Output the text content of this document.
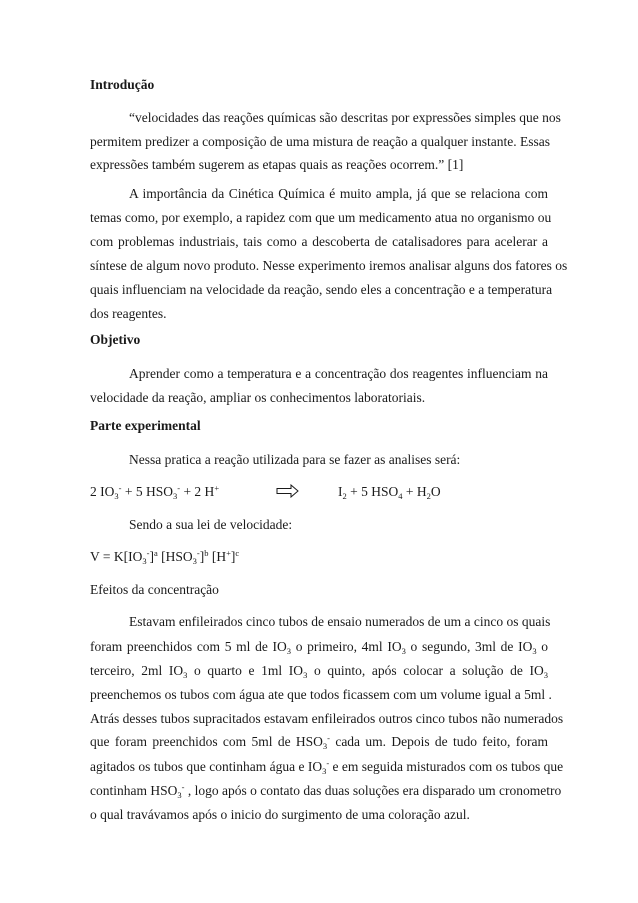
Introdução
“velocidades das reações químicas são descritas por expressões simples que nos
permitem predizer a composição de uma mistura de reação a qualquer instante. Essas
expressões também sugerem as etapas quais as reações ocorrem.” [1]
A importância da Cinética Química é muito ampla, já que se relaciona com
temas como, por exemplo, a rapidez com que um medicamento atua no organismo ou
com problemas industriais, tais como a descoberta de catalisadores para acelerar a
síntese de algum novo produto. Nesse experimento iremos analisar alguns dos fatores os
quais influenciam na velocidade da reação, sendo eles a concentração e a temperatura
dos reagentes.
Objetivo
Aprender como a temperatura e a concentração dos reagentes influenciam na
velocidade da reação, ampliar os conhecimentos laboratoriais.
Parte experimental
Nessa pratica a reação utilizada para se fazer as analises será:
2 $IO_3^- + 5$ $HSO_3^- + 2$ H+	$I_2 + 5$ $HSO_4 + H_2O$
Sendo a sua lei de velocidade:
$V = K[IO_3^-]^a$ $[HSO_3^-]^b$ $[H^+]^c$
Efeitos da concentração
Estavam enfileirados cinco tubos de ensaio numerados de um a cinco os quais
foram preenchidos com 5 ml de $IO_3$ o primeiro, 4ml $IO_3$ o segundo, 3ml de $IO_3$ o
terceiro, 2ml $IO_3$ o quarto e 1ml $IO_3$ o quinto, após colocar a solução de $IO_3$
preenchemos os tubos com água ate que todos ficassem com um volume igual a 5ml .
Atrás desses tubos supracitados estavam enfileirados outros cinco tubos não numerados
que foram preenchidos com 5ml de $HSO_3^-$ cada um. Depois de tudo feito, foram
agitados os tubos que continham água e $IO_3^-$ e em seguida misturados com os tubos que
continham $HSO_3^-$ , logo após o contato das duas soluções era disparado um cronometro
o qual travávamos após o inicio do surgimento de uma coloração azul.
